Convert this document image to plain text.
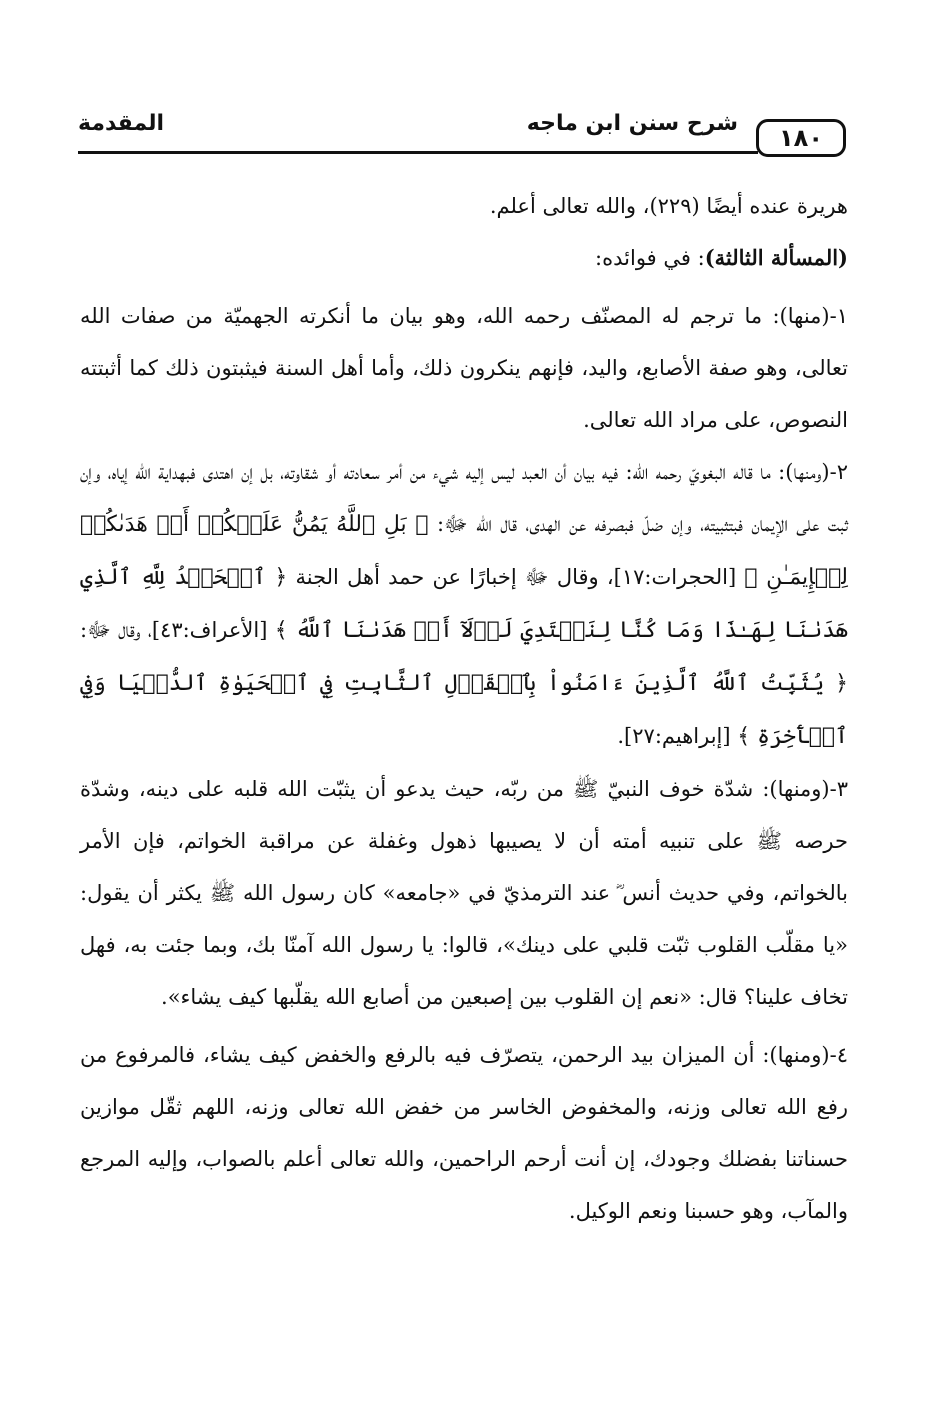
١٨٠
شرح سنن ابن ماجه
المقدمة

هريرة عنده أيضًا (٢٢٩)، والله تعالى أعلم.

(المسألة الثالثة): في فوائده:

١-(منها): ما ترجم له المصنّف رحمه الله، وهو بيان ما أنكرته الجهميّة من صفات الله تعالى، وهو صفة الأصابع، واليد، فإنهم ينكرون ذلك، وأما أهل السنة فيثبتون ذلك كما أثبتته النصوص، على مراد الله تعالى.

٢-(ومنها): ما قاله البغويّ رحمه الله: فيه بيان أن العبد ليس إليه شيء من أمر سعادته أو شقاوته، بل إن اهتدى فبهداية الله إياه، وإن ثبت على الإيمان فبتثبيته، وإن ضلّ فبصرفه عن الهدى، قال الله ﷻ: ﴿ بَلِ ٱللَّهُ يَمُنُّ عَلَيۡكُمۡ أَنۡ هَدَىٰكُمۡ لِلۡإِيمَـٰنِ ﴾ [الحجرات:١٧]، وقال ﷻ إخبارًا عن حمد أهل الجنة ﴿ ٱلۡحَمۡدُ لِلَّهِ ٱلَّذِي هَدَىٰنَا لِهَـٰذَا وَمَا كُنَّا لِنَهۡتَدِيَ لَوۡلَآ أَنۡ هَدَىٰنَا ٱللَّهُ ﴾ [الأعراف:٤٣]، وقال ﷻ: ﴿ يُثَبِّتُ ٱللَّهُ ٱلَّذِينَ ءَامَنُواْ بِٱلۡقَوۡلِ ٱلثَّابِتِ فِي ٱلۡحَيَوٰةِ ٱلدُّنۡيَا وَفِي ٱلۡأٓخِرَةِ ﴾ [إبراهيم:٢٧].

٣-(ومنها): شدّة خوف النبيّ ﷺ من ربّه، حيث يدعو أن يثبّت الله قلبه على دينه، وشدّة حرصه ﷺ على تنبيه أمته أن لا يصيبها ذهول وغفلة عن مراقبة الخواتم، فإن الأمر بالخواتم، وفي حديث أنس ؓ عند الترمذيّ في «جامعه» كان رسول الله ﷺ يكثر أن يقول: «يا مقلّب القلوب ثبّت قلبي على دينك»، قالوا: يا رسول الله آمنّا بك، وبما جئت به، فهل تخاف علينا؟ قال: «نعم إن القلوب بين إصبعين من أصابع الله يقلّبها كيف يشاء».

٤-(ومنها): أن الميزان بيد الرحمن، يتصرّف فيه بالرفع والخفض كيف يشاء، فالمرفوع من رفع الله تعالى وزنه، والمخفوض الخاسر من خفض الله تعالى وزنه، اللهم ثقّل موازين حسناتنا بفضلك وجودك، إن أنت أرحم الراحمين، والله تعالى أعلم بالصواب، وإليه المرجع والمآب، وهو حسبنا ونعم الوكيل.
